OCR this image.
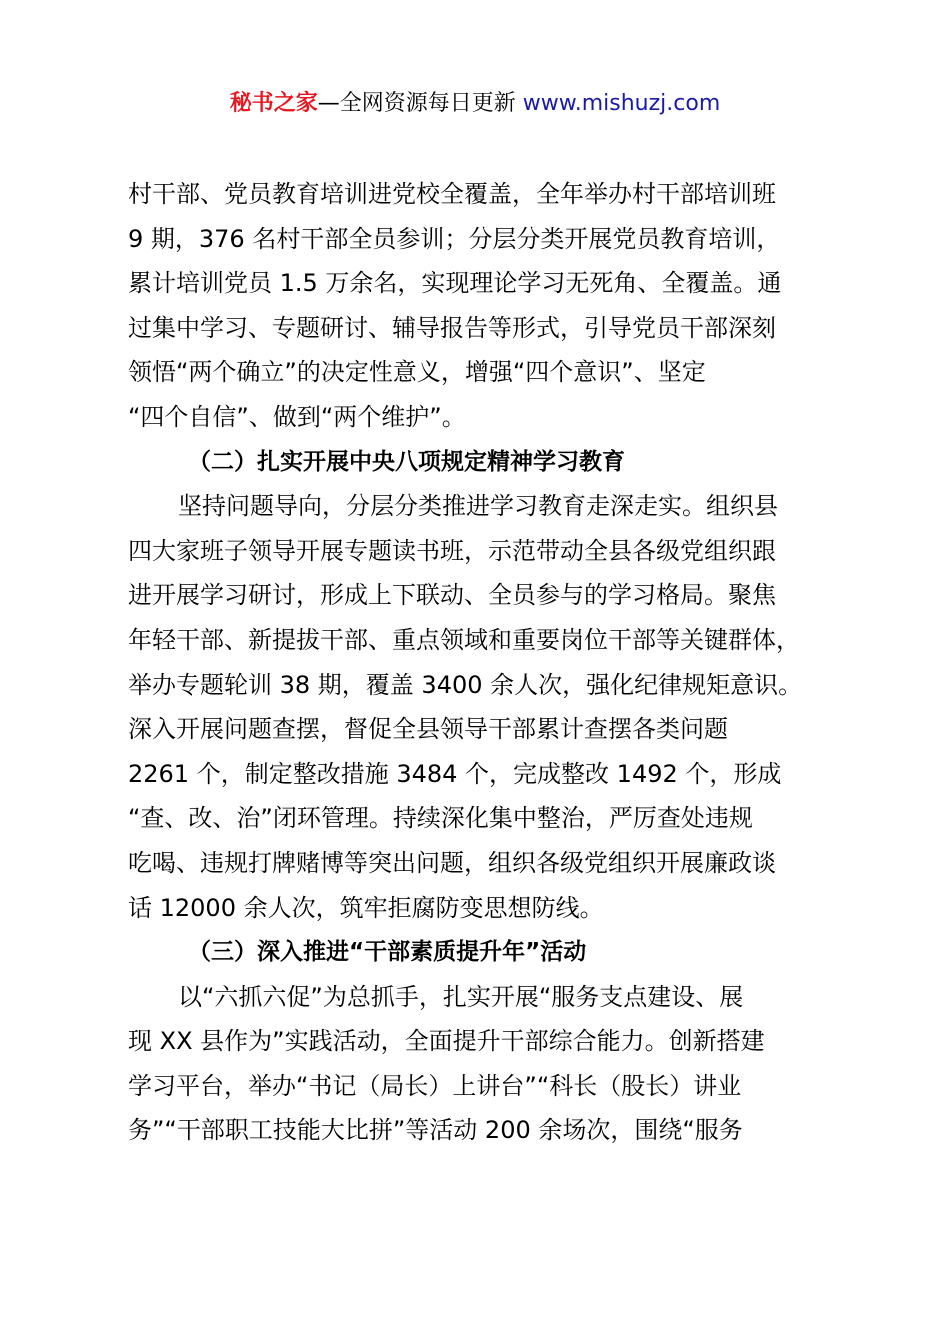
秘书之家—全网资源每日更新 www.mishuzj.com
村干部、党员教育培训进党校全覆盖，全年举办村干部培训班
9 期，376 名村干部全员参训；分层分类开展党员教育培训，
累计培训党员 1.5 万余名，实现理论学习无死角、全覆盖。通
过集中学习、专题研讨、辅导报告等形式，引导党员干部深刻
领悟“两个确立”的决定性意义，增强“四个意识”、坚定
“四个自信”、做到“两个维护”。
（二）扎实开展中央八项规定精神学习教育
坚持问题导向，分层分类推进学习教育走深走实。组织县
四大家班子领导开展专题读书班，示范带动全县各级党组织跟
进开展学习研讨，形成上下联动、全员参与的学习格局。聚焦
年轻干部、新提拔干部、重点领域和重要岗位干部等关键群体，
举办专题轮训 38 期，覆盖 3400 余人次，强化纪律规矩意识。
深入开展问题查摆，督促全县领导干部累计查摆各类问题
2261 个，制定整改措施 3484 个，完成整改 1492 个，形成
“查、改、治”闭环管理。持续深化集中整治，严厉查处违规
吃喝、违规打牌赌博等突出问题，组织各级党组织开展廉政谈
话 12000 余人次，筑牢拒腐防变思想防线。
（三）深入推进“干部素质提升年”活动
以“六抓六促”为总抓手，扎实开展“服务支点建设、展
现 XX 县作为”实践活动，全面提升干部综合能力。创新搭建
学习平台，举办“书记（局长）上讲台”“科长（股长）讲业
务”“干部职工技能大比拼”等活动 200 余场次，围绕“服务
